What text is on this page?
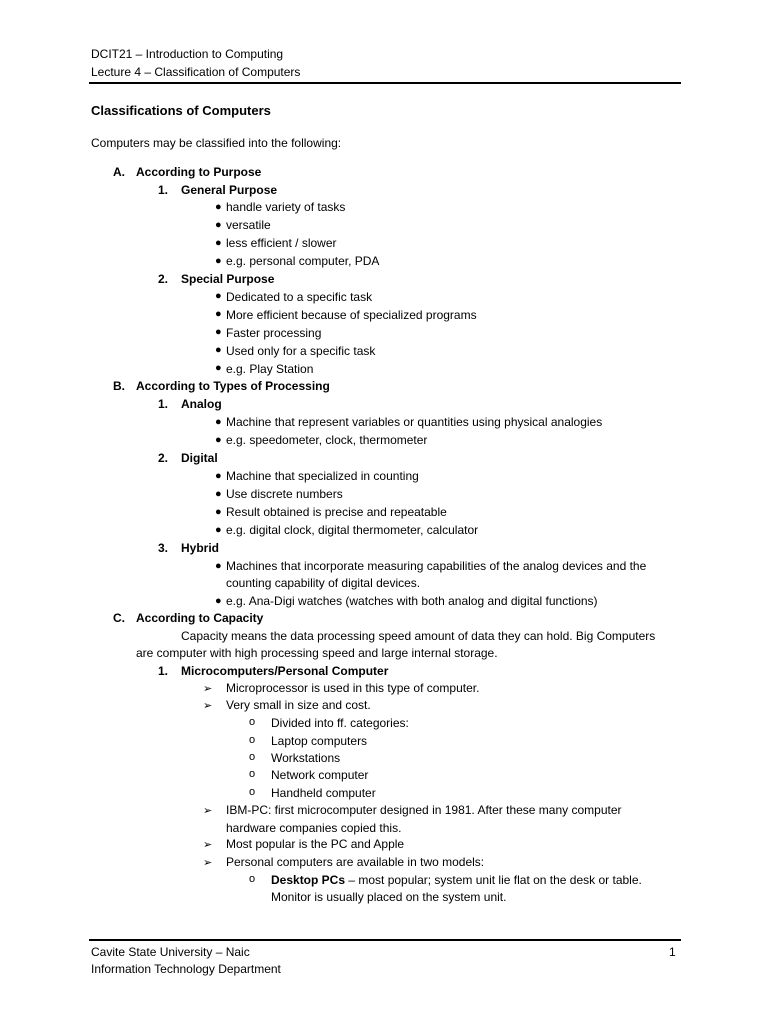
DCIT21 – Introduction to Computing
Lecture 4 – Classification of Computers
Classifications of Computers
Computers may be classified into the following:
A. According to Purpose
1. General Purpose
● handle variety of tasks
● versatile
● less efficient / slower
● e.g. personal computer, PDA
2. Special Purpose
● Dedicated to a specific task
● More efficient because of specialized programs
● Faster processing
● Used only for a specific task
● e.g. Play Station
B. According to Types of Processing
1. Analog
● Machine that represent variables or quantities using physical analogies
● e.g. speedometer, clock, thermometer
2. Digital
● Machine that specialized in counting
● Use discrete numbers
● Result obtained is precise and repeatable
● e.g. digital clock, digital thermometer, calculator
3. Hybrid
● Machines that incorporate measuring capabilities of the analog devices and the
counting capability of digital devices.
● e.g. Ana-Digi watches (watches with both analog and digital functions)
C. According to Capacity
Capacity means the data processing speed amount of data they can hold. Big Computers
are computer with high processing speed and large internal storage.
1. Microcomputers/Personal Computer
➢ Microprocessor is used in this type of computer.
➢ Very small in size and cost.
o Divided into ff. categories:
o Laptop computers
o Workstations
o Network computer
o Handheld computer
➢ IBM-PC: first microcomputer designed in 1981. After these many computer
hardware companies copied this.
➢ Most popular is the PC and Apple
➢ Personal computers are available in two models:
o Desktop PCs – most popular; system unit lie flat on the desk or table.
Monitor is usually placed on the system unit.
Cavite State University – Naic
Information Technology Department
1
